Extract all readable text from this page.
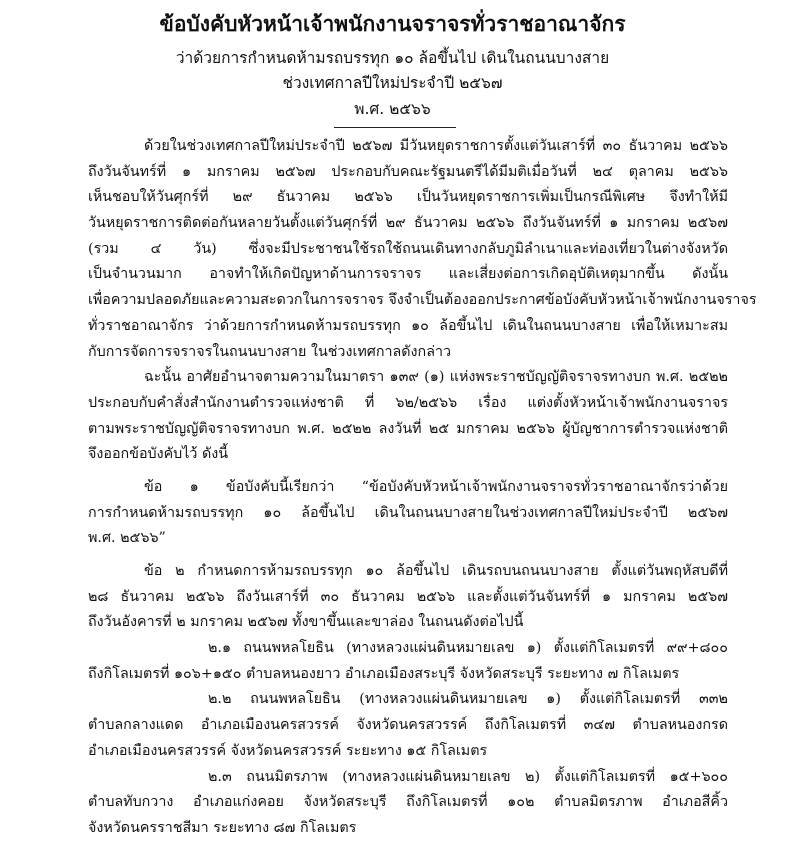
ข้อบังคับหัวหน้าเจ้าพนักงานจราจรทั่วราชอาณาจักร
ว่าด้วยการกำหนดห้ามรถบรรทุก ๑๐ ล้อขึ้นไป เดินในถนนบางสาย
ช่วงเทศกาลปีใหม่ประจำปี ๒๕๖๗
พ.ศ. ๒๕๖๖
ด้วยในช่วงเทศกาลปีใหม่ประจำปี ๒๕๖๗ มีวันหยุดราชการตั้งแต่วันเสาร์ที่ ๓๐ ธันวาคม ๒๕๖๖
ถึงวันจันทร์ที่ ๑ มกราคม ๒๕๖๗ ประกอบกับคณะรัฐมนตรีได้มีมติเมื่อวันที่ ๒๔ ตุลาคม ๒๕๖๖
เห็นชอบให้วันศุกร์ที่ ๒๙ ธันวาคม ๒๕๖๖ เป็นวันหยุดราชการเพิ่มเป็นกรณีพิเศษ จึงทำให้มี
วันหยุดราชการติดต่อกันหลายวันตั้งแต่วันศุกร์ที่ ๒๙ ธันวาคม ๒๕๖๖ ถึงวันจันทร์ที่ ๑ มกราคม ๒๕๖๗
(รวม ๔ วัน) ซึ่งจะมีประชาชนใช้รถใช้ถนนเดินทางกลับภูมิลำเนาและท่องเที่ยวในต่างจังหวัด
เป็นจำนวนมาก อาจทำให้เกิดปัญหาด้านการจราจร และเสี่ยงต่อการเกิดอุบัติเหตุมากขึ้น ดังนั้น
เพื่อความปลอดภัยและความสะดวกในการจราจร จึงจำเป็นต้องออกประกาศข้อบังคับหัวหน้าเจ้าพนักงานจราจร
ทั่วราชอาณาจักร ว่าด้วยการกำหนดห้ามรถบรรทุก ๑๐ ล้อขึ้นไป เดินในถนนบางสาย เพื่อให้เหมาะสม
กับการจัดการจราจรในถนนบางสาย ในช่วงเทศกาลดังกล่าว
ฉะนั้น อาศัยอำนาจตามความในมาตรา ๑๓๙ (๑) แห่งพระราชบัญญัติจราจรทางบก พ.ศ. ๒๕๒๒
ประกอบกับคำสั่งสำนักงานตำรวจแห่งชาติ ที่ ๖๒/๒๕๖๖ เรื่อง แต่งตั้งหัวหน้าเจ้าพนักงานจราจร
ตามพระราชบัญญัติจราจรทางบก พ.ศ. ๒๕๒๒ ลงวันที่ ๒๕ มกราคม ๒๕๖๖ ผู้บัญชาการตำรวจแห่งชาติ
จึงออกข้อบังคับไว้ ดังนี้
ข้อ ๑ ข้อบังคับนี้เรียกว่า “ข้อบังคับหัวหน้าเจ้าพนักงานจราจรทั่วราชอาณาจักรว่าด้วย
การกำหนดห้ามรถบรรทุก ๑๐ ล้อขึ้นไป เดินในถนนบางสายในช่วงเทศกาลปีใหม่ประจำปี ๒๕๖๗
พ.ศ. ๒๕๖๖”
ข้อ ๒ กำหนดการห้ามรถบรรทุก ๑๐ ล้อขึ้นไป เดินรถบนถนนบางสาย ตั้งแต่วันพฤหัสบดีที่
๒๘ ธันวาคม ๒๕๖๖ ถึงวันเสาร์ที่ ๓๐ ธันวาคม ๒๕๖๖ และตั้งแต่วันจันทร์ที่ ๑ มกราคม ๒๕๖๗
ถึงวันอังคารที่ ๒ มกราคม ๒๕๖๗ ทั้งขาขึ้นและขาล่อง ในถนนดังต่อไปนี้
๒.๑ ถนนพหลโยธิน (ทางหลวงแผ่นดินหมายเลข ๑) ตั้งแต่กิโลเมตรที่ ๙๙+๘๐๐
ถึงกิโลเมตรที่ ๑๐๖+๑๕๐ ตำบลหนองยาว อำเภอเมืองสระบุรี จังหวัดสระบุรี ระยะทาง ๗ กิโลเมตร
๒.๒ ถนนพหลโยธิน (ทางหลวงแผ่นดินหมายเลข ๑) ตั้งแต่กิโลเมตรที่ ๓๓๒
ตำบลกลางแดด อำเภอเมืองนครสวรรค์ จังหวัดนครสวรรค์ ถึงกิโลเมตรที่ ๓๔๗ ตำบลหนองกรด
อำเภอเมืองนครสวรรค์ จังหวัดนครสวรรค์ ระยะทาง ๑๕ กิโลเมตร
๒.๓ ถนนมิตรภาพ (ทางหลวงแผ่นดินหมายเลข ๒) ตั้งแต่กิโลเมตรที่ ๑๕+๖๐๐
ตำบลทับกวาง อำเภอแก่งคอย จังหวัดสระบุรี ถึงกิโลเมตรที่ ๑๐๒ ตำบลมิตรภาพ อำเภอสีคิ้ว
จังหวัดนครราชสีมา ระยะทาง ๘๗ กิโลเมตร
